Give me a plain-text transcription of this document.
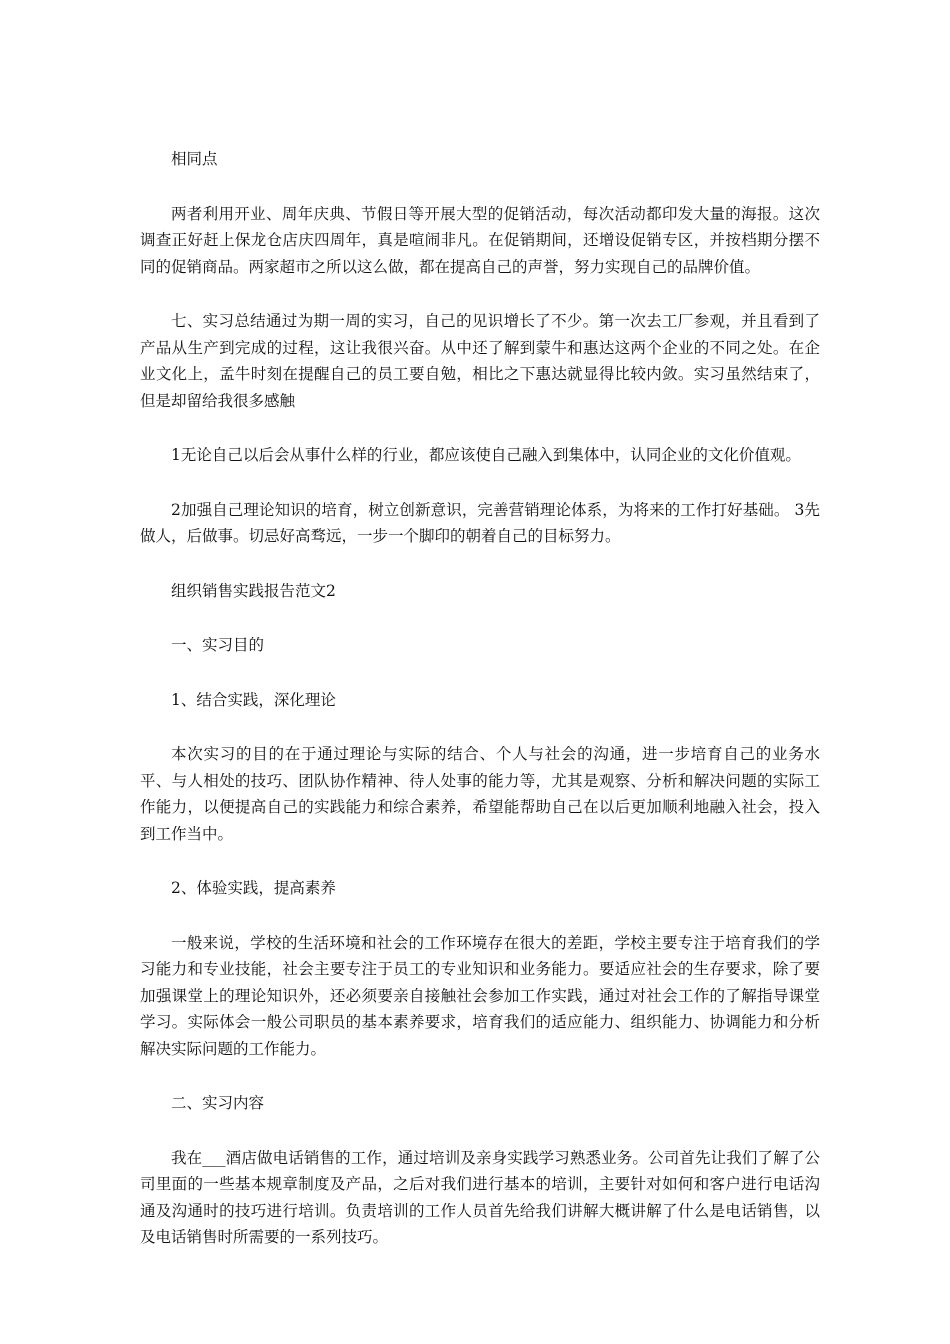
相同点

两者利用开业、周年庆典、节假日等开展大型的促销活动，每次活动都印发大量的海报。这次调查正好赶上保龙仓店庆四周年，真是喧闹非凡。在促销期间，还增设促销专区，并按档期分摆不同的促销商品。两家超市之所以这么做，都在提高自己的声誉，努力实现自己的品牌价值。

七、实习总结通过为期一周的实习，自己的见识增长了不少。第一次去工厂参观，并且看到了产品从生产到完成的过程，这让我很兴奋。从中还了解到蒙牛和惠达这两个企业的不同之处。在企业文化上，孟牛时刻在提醒自己的员工要自勉，相比之下惠达就显得比较内敛。实习虽然结束了，但是却留给我很多感触

1无论自己以后会从事什么样的行业，都应该使自己融入到集体中，认同企业的文化价值观。

2加强自己理论知识的培育，树立创新意识，完善营销理论体系，为将来的工作打好基础。 3先做人，后做事。切忌好高骛远，一步一个脚印的朝着自己的目标努力。

组织销售实践报告范文2

一、实习目的

1、结合实践，深化理论

本次实习的目的在于通过理论与实际的结合、个人与社会的沟通，进一步培育自己的业务水平、与人相处的技巧、团队协作精神、待人处事的能力等，尤其是观察、分析和解决问题的实际工作能力，以便提高自己的实践能力和综合素养，希望能帮助自己在以后更加顺利地融入社会，投入到工作当中。

2、体验实践，提高素养

一般来说，学校的生活环境和社会的工作环境存在很大的差距，学校主要专注于培育我们的学习能力和专业技能，社会主要专注于员工的专业知识和业务能力。要适应社会的生存要求，除了要加强课堂上的理论知识外，还必须要亲自接触社会参加工作实践，通过对社会工作的了解指导课堂学习。实际体会一般公司职员的基本素养要求，培育我们的适应能力、组织能力、协调能力和分析解决实际问题的工作能力。

二、实习内容

我在___酒店做电话销售的工作，通过培训及亲身实践学习熟悉业务。公司首先让我们了解了公司里面的一些基本规章制度及产品，之后对我们进行基本的培训，主要针对如何和客户进行电话沟通及沟通时的技巧进行培训。负责培训的工作人员首先给我们讲解大概讲解了什么是电话销售，以及电话销售时所需要的一系列技巧。
